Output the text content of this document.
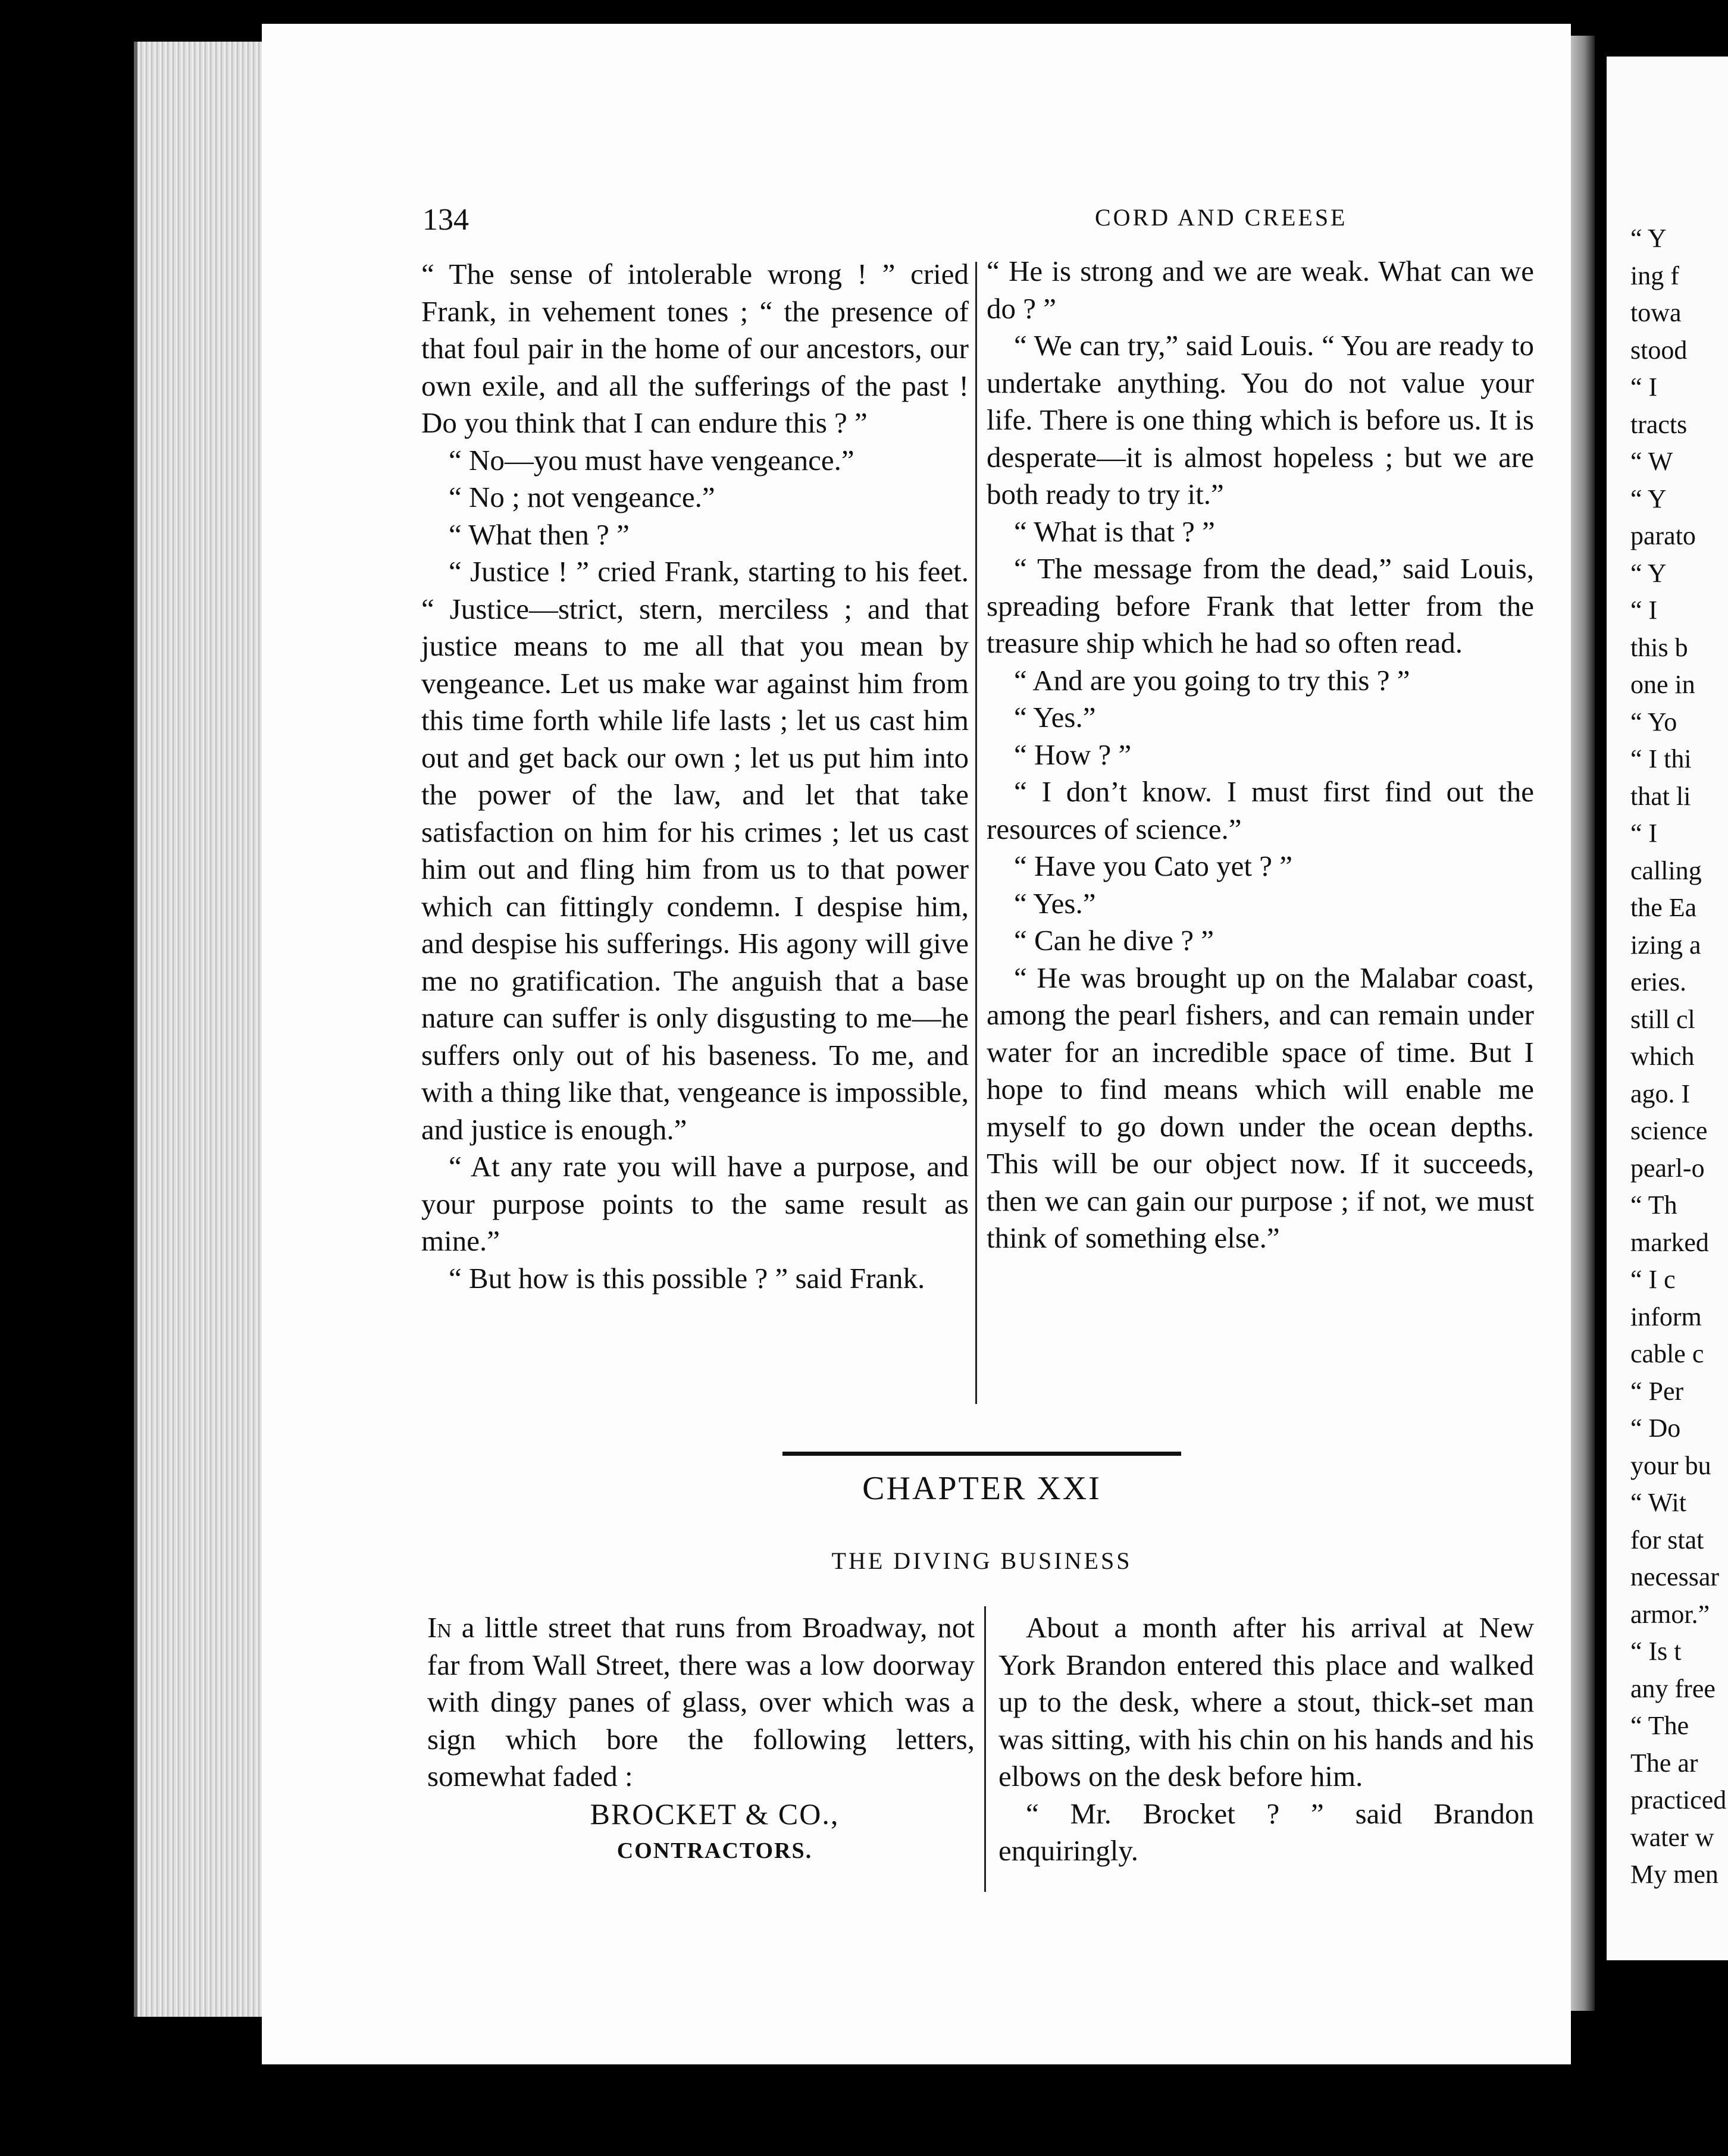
“ Y
ing f
towa
stood
“ I
tracts
“ W
“ Y
parato
“ Y
“ I
this b
one in
“ Yo
“ I thi
that li
“ I
calling
the Ea
izing a
eries.
still cl
which
ago. I
science
pearl-o
“ Th
marked
“ I c
inform
cable c
“ Per
“ Do
your bu
“ Wit
for stat
necessar
armor.”
“ Is t
any free
“ The
The ar
practiced
water w
My men
134	CORD AND CREESE

“ The sense of intolerable wrong ! ” cried Frank, in vehement tones ; “ the presence of that foul pair in the home of our ancestors, our own exile, and all the sufferings of the past ! Do you think that I can endure this ? ”

“ No—you must have vengeance.”

“ No ; not vengeance.”

“ What then ? ”

“ Justice ! ” cried Frank, starting to his feet. “ Justice—strict, stern, merciless ; and that justice means to me all that you mean by vengeance. Let us make war against him from this time forth while life lasts ; let us cast him out and get back our own ; let us put him into the power of the law, and let that take satisfaction on him for his crimes ; let us cast him out and fling him from us to that power which can fittingly condemn. I despise him, and despise his sufferings. His agony will give me no gratification. The anguish that a base nature can suffer is only disgusting to me—he suffers only out of his baseness. To me, and with a thing like that, vengeance is impossible, and justice is enough.”

“ At any rate you will have a purpose, and your purpose points to the same result as mine.”

“ But how is this possible ? ” said Frank.

“ He is strong and we are weak. What can we do ? ”

“ We can try,” said Louis. “ You are ready to undertake anything. You do not value your life. There is one thing which is before us. It is desperate—it is almost hopeless ; but we are both ready to try it.”

“ What is that ? ”

“ The message from the dead,” said Louis, spreading before Frank that letter from the treasure ship which he had so often read.

“ And are you going to try this ? ”

“ Yes.”

“ How ? ”

“ I don’t know. I must first find out the resources of science.”

“ Have you Cato yet ? ”

“ Yes.”

“ Can he dive ? ”

“ He was brought up on the Malabar coast, among the pearl fishers, and can remain under water for an incredible space of time. But I hope to find means which will enable me myself to go down under the ocean depths. This will be our object now. If it succeeds, then we can gain our purpose ; if not, we must think of something else.”

CHAPTER XXI
THE DIVING BUSINESS

In a little street that runs from Broadway, not far from Wall Street, there was a low doorway with dingy panes of glass, over which was a sign which bore the following letters, somewhat faded :

BROCKET & CO.,

CONTRACTORS.

About a month after his arrival at New York Brandon entered this place and walked up to the desk, where a stout, thick-set man was sitting, with his chin on his hands and his elbows on the desk before him.

“ Mr. Brocket ? ” said Brandon enquiringly.
